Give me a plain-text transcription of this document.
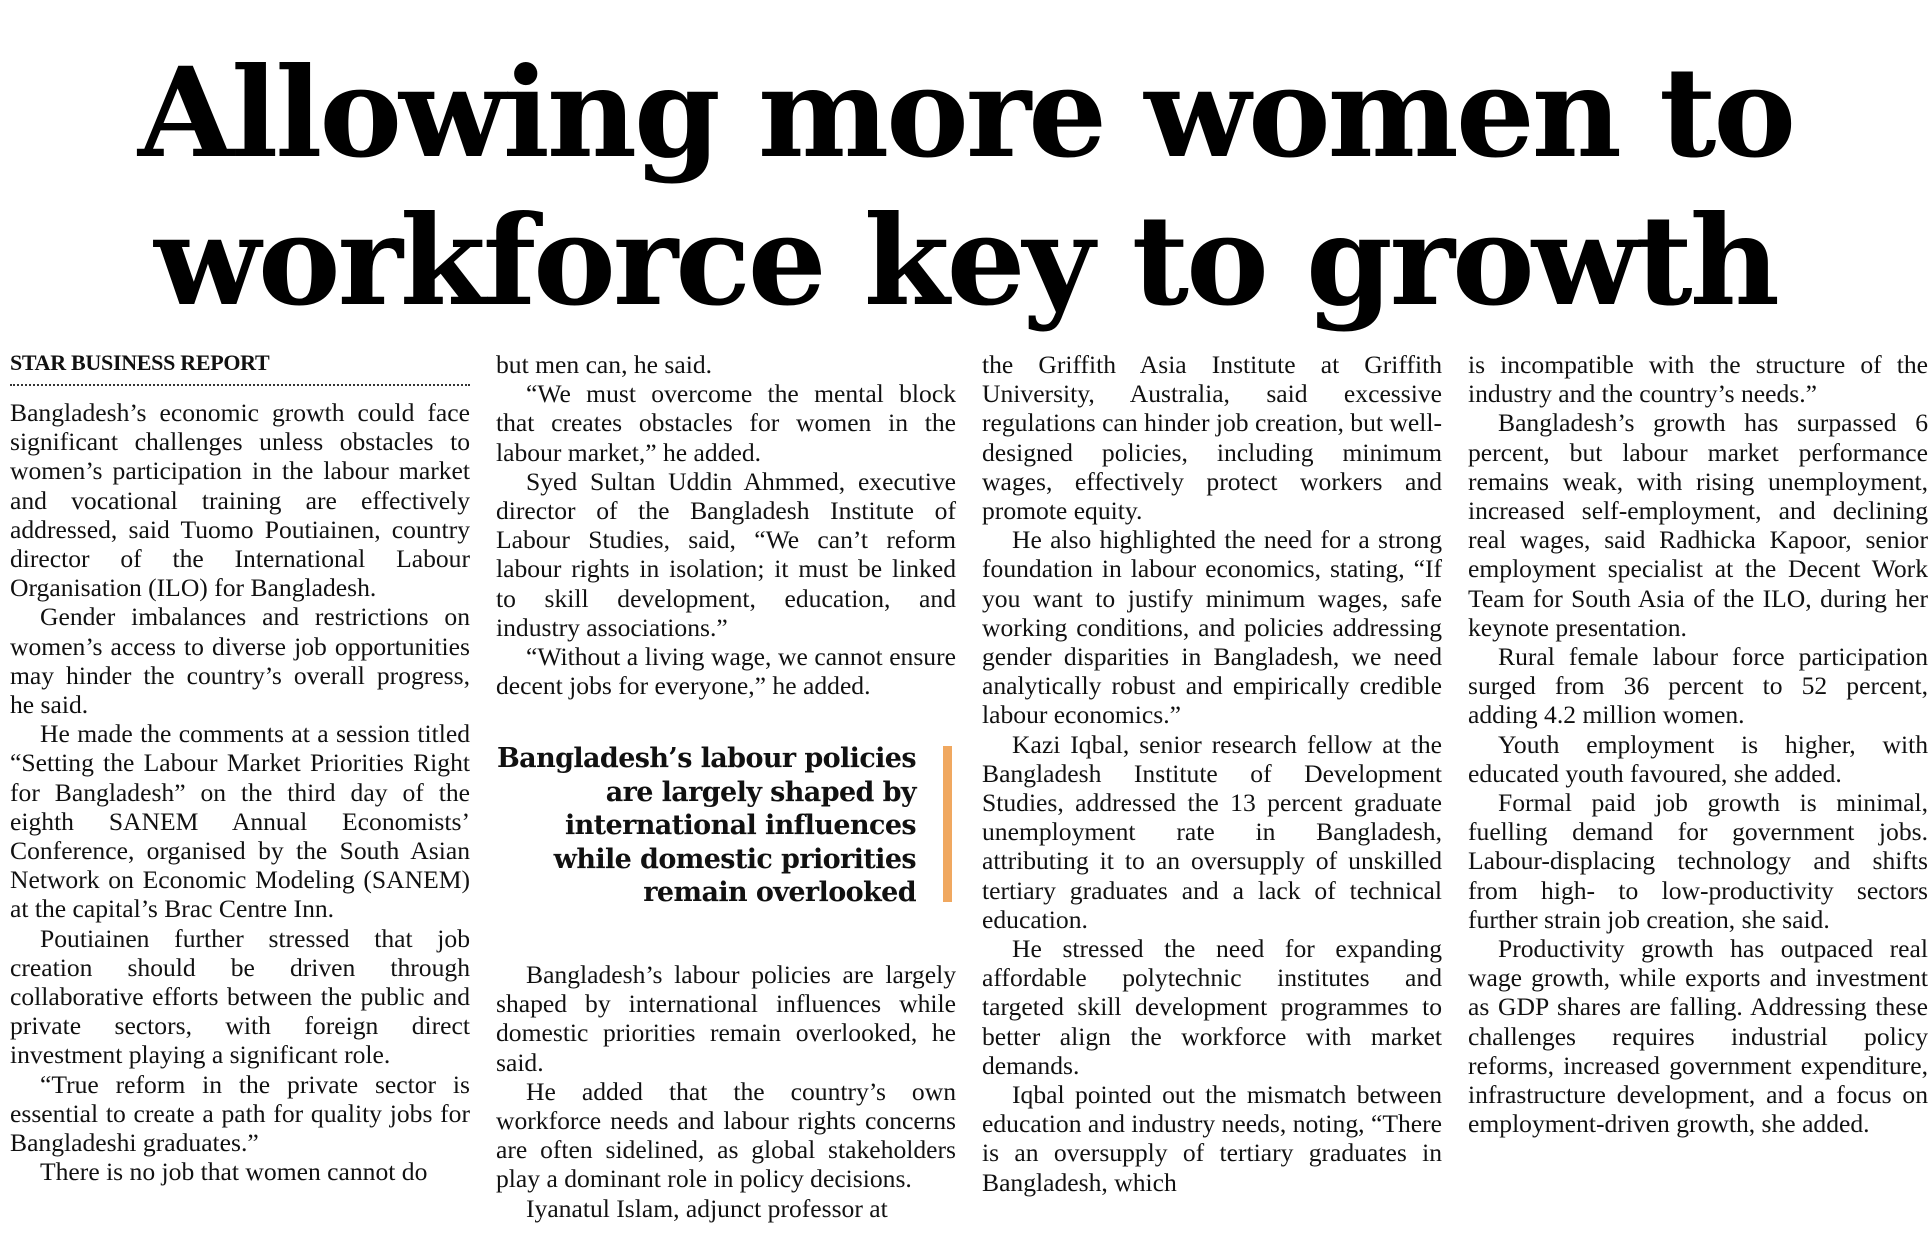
Allowing more women to
workforce key to growth
STAR BUSINESS REPORT

Bangladesh’s economic growth could face significant challenges unless obstacles to women’s participation in the labour market and vocational training are effectively addressed, said Tuomo Poutiainen, country director of the International Labour Organisation (ILO) for Bangladesh.

Gender imbalances and restrictions on women’s access to diverse job opportunities may hinder the country’s overall progress, he said.

He made the comments at a session titled “Setting the Labour Market Priorities Right for Bangladesh” on the third day of the eighth SANEM Annual Economists’ Conference, organised by the South Asian Network on Economic Modeling (SANEM) at the capital’s Brac Centre Inn.

Poutiainen further stressed that job creation should be driven through collaborative efforts between the public and private sectors, with foreign direct investment playing a significant role.

“True reform in the private sector is essential to create a path for quality jobs for Bangladeshi graduates.”

There is no job that women cannot do

but men can, he said.

“We must overcome the mental block that creates obstacles for women in the labour market,” he added.

Syed Sultan Uddin Ahmmed, executive director of the Bangladesh Institute of Labour Studies, said, “We can’t reform labour rights in isolation; it must be linked to skill development, education, and industry associations.”

“Without a living wage, we cannot ensure decent jobs for everyone,” he added.

Bangladesh’s labour policies are largely shaped by international influences while domestic priorities remain overlooked

Bangladesh’s labour policies are largely shaped by international influences while domestic priorities remain overlooked, he said.

He added that the country’s own workforce needs and labour rights concerns are often sidelined, as global stakeholders play a dominant role in policy decisions.

Iyanatul Islam, adjunct professor at

the Griffith Asia Institute at Griffith University, Australia, said excessive regulations can hinder job creation, but well-designed policies, including minimum wages, effectively protect workers and promote equity.

He also highlighted the need for a strong foundation in labour economics, stating, “If you want to justify minimum wages, safe working conditions, and policies addressing gender disparities in Bangladesh, we need analytically robust and empirically credible labour economics.”

Kazi Iqbal, senior research fellow at the Bangladesh Institute of Development Studies, addressed the 13 percent graduate unemployment rate in Bangladesh, attributing it to an oversupply of unskilled tertiary graduates and a lack of technical education.

He stressed the need for expanding affordable polytechnic institutes and targeted skill development programmes to better align the workforce with market demands.

Iqbal pointed out the mismatch between education and industry needs, noting, “There is an oversupply of tertiary graduates in Bangladesh, which

is incompatible with the structure of the industry and the country’s needs.”

Bangladesh’s growth has surpassed 6 percent, but labour market performance remains weak, with rising unemployment, increased self-employment, and declining real wages, said Radhicka Kapoor, senior employment specialist at the Decent Work Team for South Asia of the ILO, during her keynote presentation.

Rural female labour force participation surged from 36 percent to 52 percent, adding 4.2 million women.

Youth employment is higher, with educated youth favoured, she added.

Formal paid job growth is minimal, fuelling demand for government jobs. Labour-displacing technology and shifts from high- to low-productivity sectors further strain job creation, she said.

Productivity growth has outpaced real wage growth, while exports and investment as GDP shares are falling. Addressing these challenges requires industrial policy reforms, increased government expenditure, infrastructure development, and a focus on employment-driven growth, she added.
